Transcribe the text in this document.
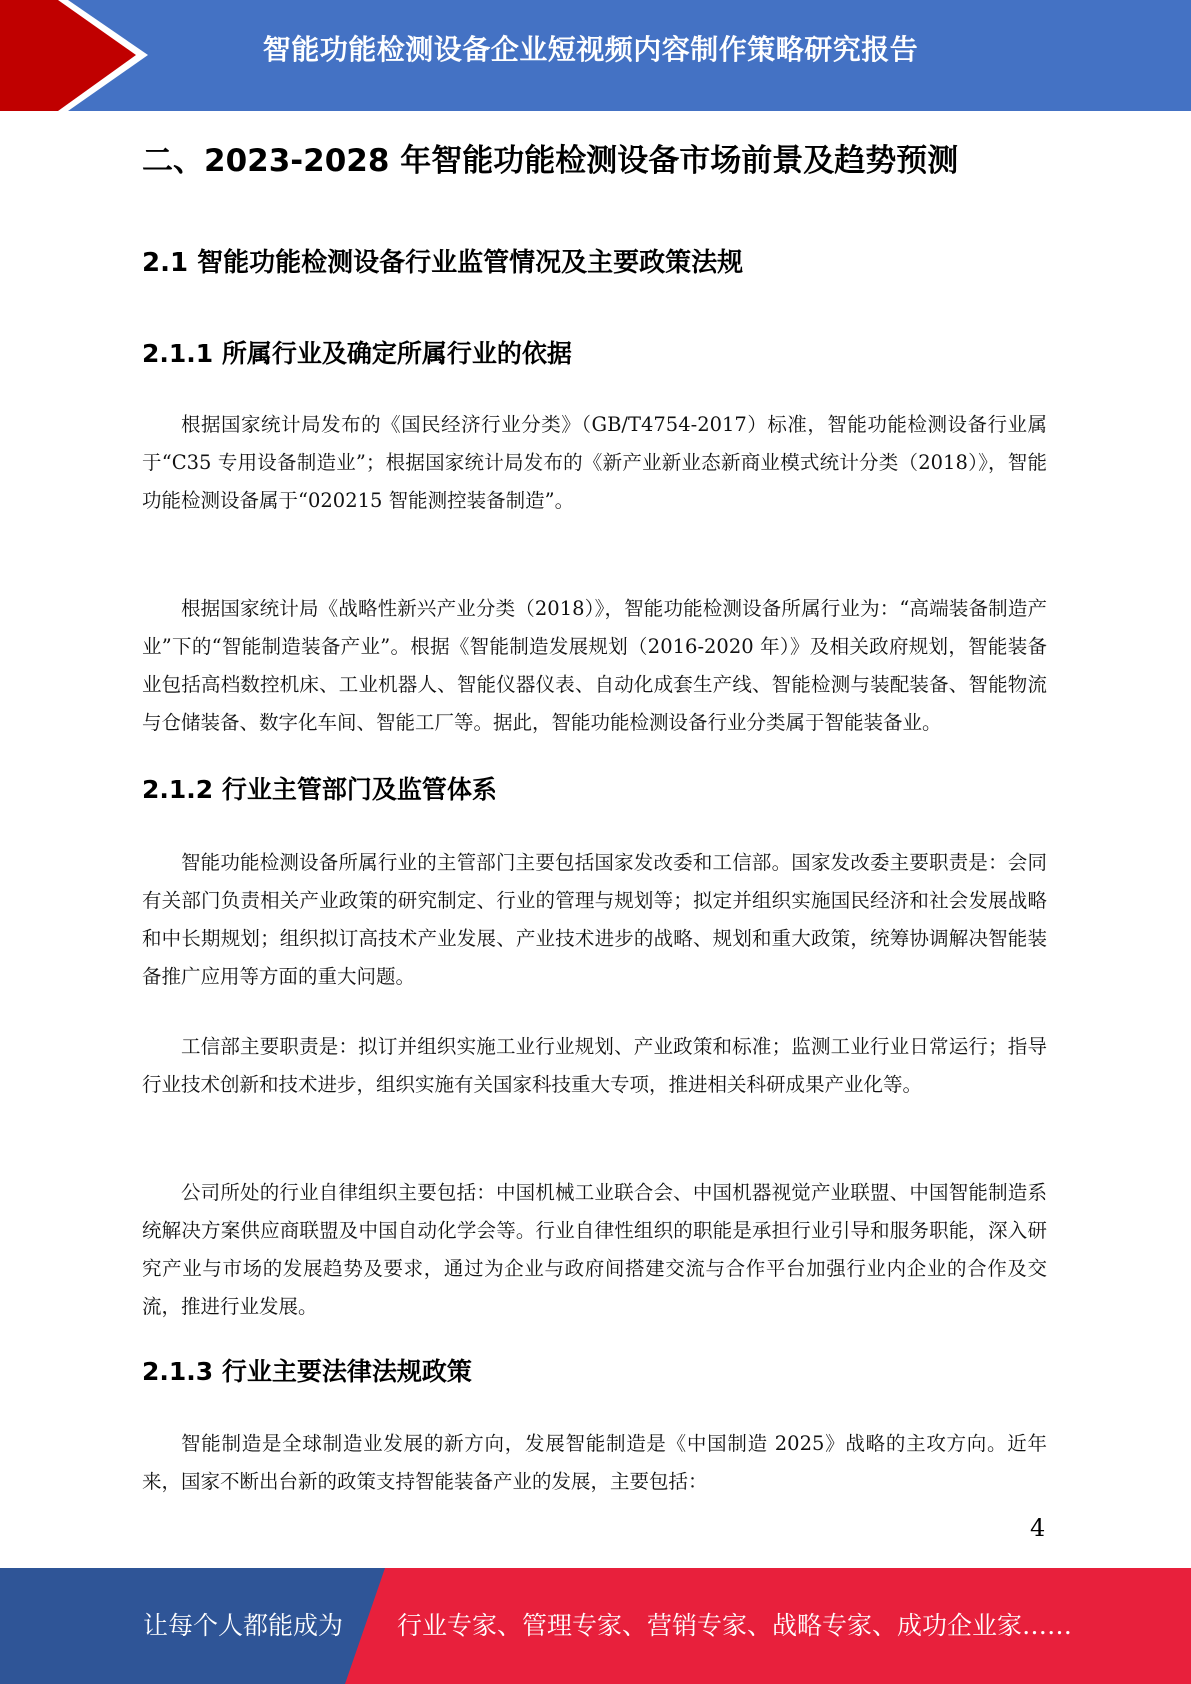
智能功能检测设备企业短视频内容制作策略研究报告
二、2023-2028 年智能功能检测设备市场前景及趋势预测
2.1 智能功能检测设备行业监管情况及主要政策法规
2.1.1 所属行业及确定所属行业的依据

根据国家统计局发布的《国民经济行业分类》（GB/T4754-2017）标准，智能功能检测设备行业属于“C35 专用设备制造业”；根据国家统计局发布的《新产业新业态新商业模式统计分类（2018）》，智能功能检测设备属于“020215 智能测控装备制造”。

根据国家统计局《战略性新兴产业分类（2018）》，智能功能检测设备所属行业为：“高端装备制造产业”下的“智能制造装备产业”。根据《智能制造发展规划（2016-2020 年）》及相关政府规划，智能装备业包括高档数控机床、工业机器人、智能仪器仪表、自动化成套生产线、智能检测与装配装备、智能物流与仓储装备、数字化车间、智能工厂等。据此，智能功能检测设备行业分类属于智能装备业。

2.1.2 行业主管部门及监管体系

智能功能检测设备所属行业的主管部门主要包括国家发改委和工信部。国家发改委主要职责是：会同有关部门负责相关产业政策的研究制定、行业的管理与规划等；拟定并组织实施国民经济和社会发展战略和中长期规划；组织拟订高技术产业发展、产业技术进步的战略、规划和重大政策，统筹协调解决智能装备推广应用等方面的重大问题。

工信部主要职责是：拟订并组织实施工业行业规划、产业政策和标准；监测工业行业日常运行；指导行业技术创新和技术进步，组织实施有关国家科技重大专项，推进相关科研成果产业化等。

公司所处的行业自律组织主要包括：中国机械工业联合会、中国机器视觉产业联盟、中国智能制造系统解决方案供应商联盟及中国自动化学会等。行业自律性组织的职能是承担行业引导和服务职能，深入研究产业与市场的发展趋势及要求，通过为企业与政府间搭建交流与合作平台加强行业内企业的合作及交流，推进行业发展。

2.1.3 行业主要法律法规政策

智能制造是全球制造业发展的新方向，发展智能制造是《中国制造 2025》战略的主攻方向。近年来，国家不断出台新的政策支持智能装备产业的发展，主要包括：

4
让每个人都能成为 行业专家、管理专家、营销专家、战略专家、成功企业家……
